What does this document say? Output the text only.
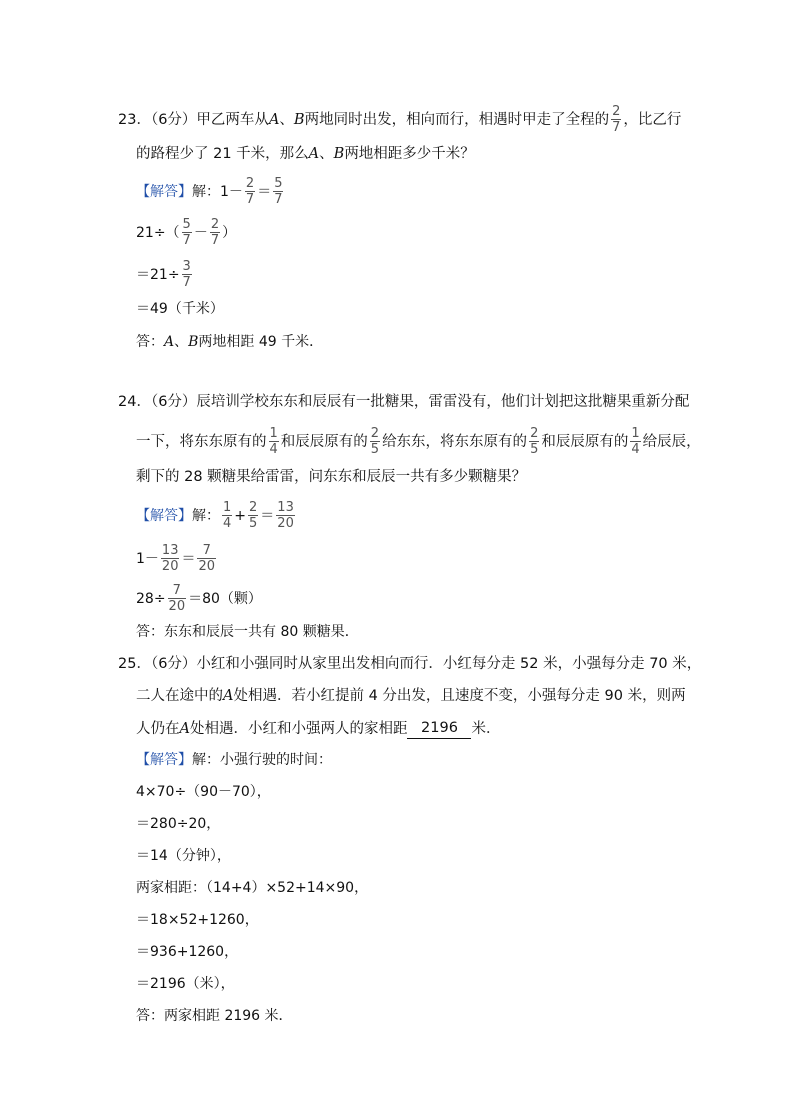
23．（6分）甲乙两车从 A 、 B 两地同时出发，相向而行，相遇时甲走了全程的 2
7 ，比乙行
的路程少了 21 千米，那么 A 、 B 两地相距多少千米？
【解答】 解： 1－ 2
7 ＝ 5
7
21÷（ 5
7 － 2
7 ）
$=21\div \frac{3}{7}$
＝49（千米）
答： A 、 B 两地相距 49 千米．
24．（6分）辰培训学校东东和辰辰有一批糖果，雷雷没有，他们计划把这批糖果重新分配
一下，将东东原有的 1
4 和辰辰原有的 2
5 给东东，将东东原有的 2
5 和辰辰原有的 1
4 给辰辰，
剩下的 28 颗糖果给雷雷，问东东和辰辰一共有多少颗糖果？
【解答】 解： 1
$4 + \frac{2}{5} = 13$
20
1－ 13
20 ＝ 7
20
$28\div \frac{7}{20} =80$（颗）
答：东东和辰辰一共有 80 颗糖果．
25．（6分）小红和小强同时从家里出发相向而行．小红每分走 52 米，小强每分走 70 米，
二人在途中的 A 处相遇．若小红提前 4 分出发，且速度不变，小强每分走 90 米，则两
人仍在 A 处相遇．小红和小强两人的家相距 2196 米．
【解答】 解：小强行驶的时间：
4×70÷（90－70），
＝280÷20，
＝14（分钟），
两家相距：（14+4）×52+14×90，
＝18×52+1260，
＝936+1260，
＝2196（米），
答：两家相距 2196 米．
